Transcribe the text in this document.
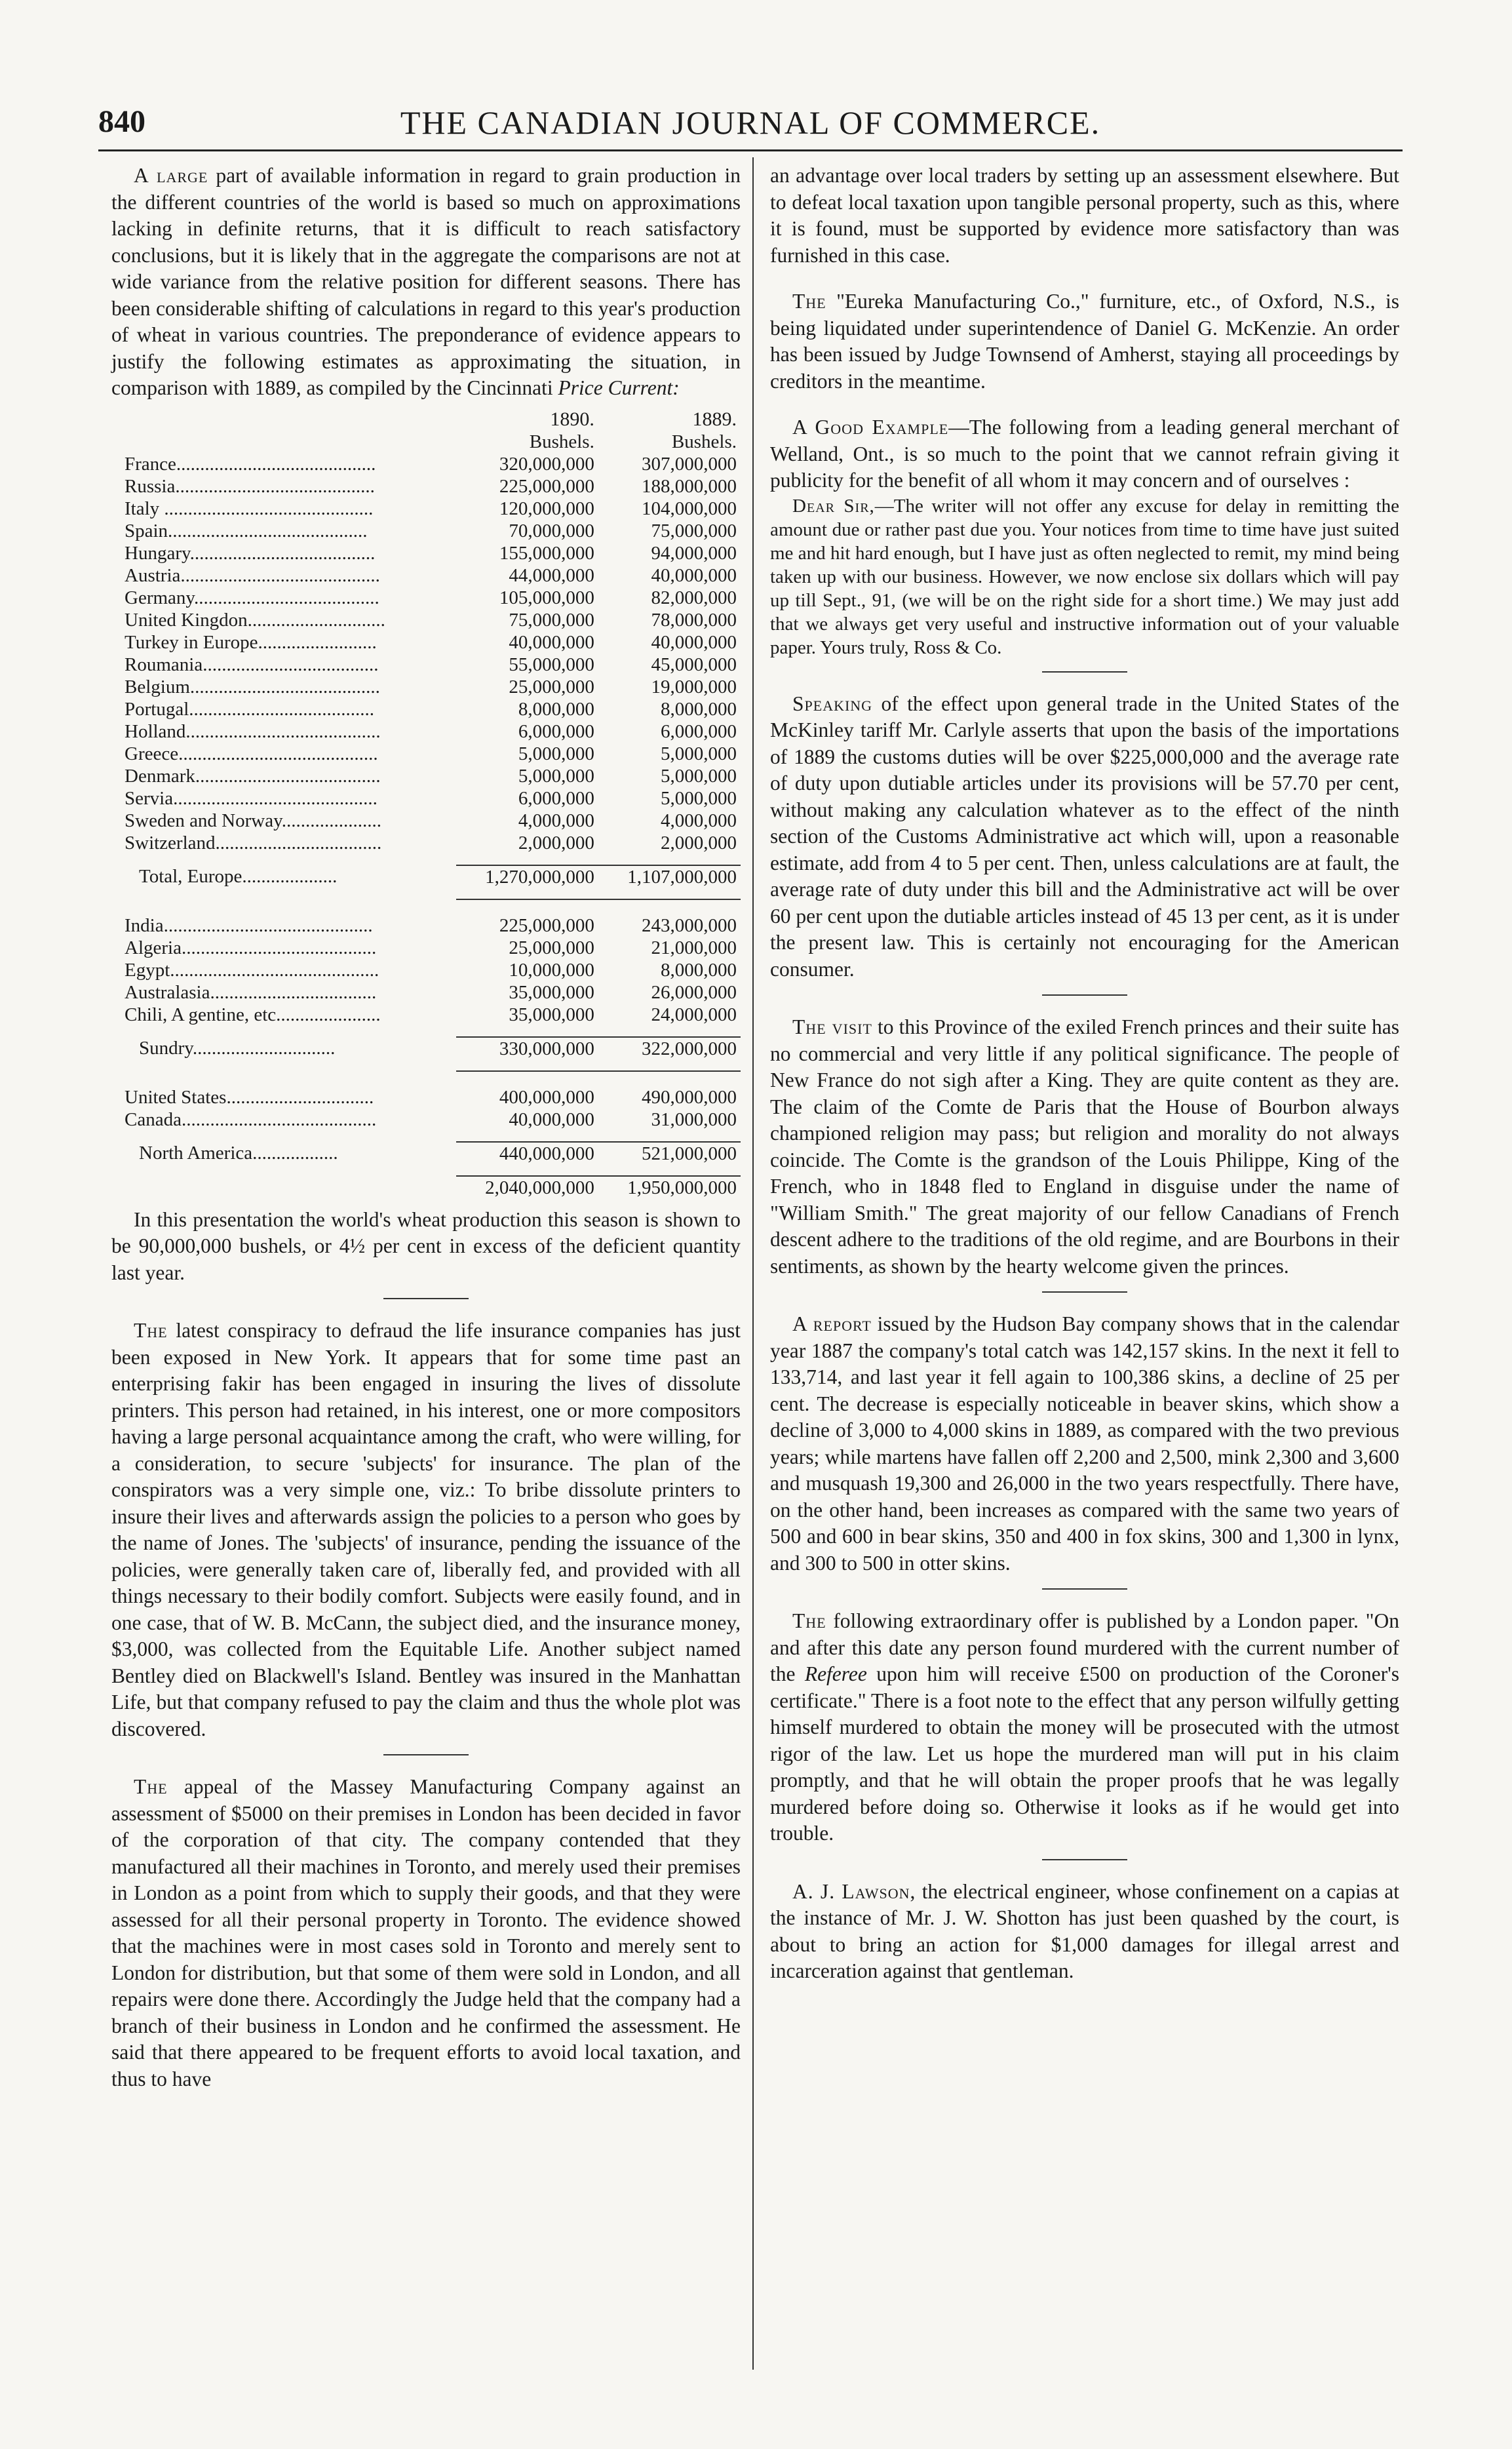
840	THE CANADIAN JOURNAL OF COMMERCE.

A large part of available information in regard to grain production in the different countries of the world is based so much on approximations lacking in definite returns, that it is difficult to reach satisfactory conclusions, but it is likely that in the aggregate the comparisons are not at wide variance from the relative position for different seasons. There has been considerable shifting of calculations in regard to this year's production of wheat in various countries. The preponderance of evidence appears to justify the following estimates as approximating the situation, in comparison with 1889, as compiled by the Cincinnati Price Current:

	1890.	1889.
	Bushels.	Bushels.
France..........................................	320,000,000	307,000,000
Russia..........................................	225,000,000	188,000,000
Italy ............................................	120,000,000	104,000,000
Spain..........................................	70,000,000	75,000,000
Hungary.......................................	155,000,000	94,000,000
Austria..........................................	44,000,000	40,000,000
Germany.......................................	105,000,000	82,000,000
United Kingdon.............................	75,000,000	78,000,000
Turkey in Europe.........................	40,000,000	40,000,000
Roumania.....................................	55,000,000	45,000,000
Belgium........................................	25,000,000	19,000,000
Portugal.......................................	8,000,000	8,000,000
Holland.........................................	6,000,000	6,000,000
Greece..........................................	5,000,000	5,000,000
Denmark.......................................	5,000,000	5,000,000
Servia...........................................	6,000,000	5,000,000
Sweden and Norway.....................	4,000,000	4,000,000
Switzerland...................................	2,000,000	2,000,000

Total, Europe....................	1,270,000,000	1,107,000,000

India............................................	225,000,000	243,000,000
Algeria.........................................	25,000,000	21,000,000
Egypt............................................	10,000,000	8,000,000
Australasia...................................	35,000,000	26,000,000
Chili, A gentine, etc......................	35,000,000	24,000,000

Sundry..............................	330,000,000	322,000,000

United States...............................	400,000,000	490,000,000
Canada.........................................	40,000,000	31,000,000

North America..................	440,000,000	521,000,000

	2,040,000,000	1,950,000,000

In this presentation the world's wheat production this season is shown to be 90,000,000 bushels, or 4½ per cent in excess of the deficient quantity last year.

The latest conspiracy to defraud the life insurance companies has just been exposed in New York. It appears that for some time past an enterprising fakir has been engaged in insuring the lives of dissolute printers. This person had retained, in his interest, one or more compositors having a large personal acquaintance among the craft, who were willing, for a consideration, to secure 'subjects' for insurance. The plan of the conspirators was a very simple one, viz.: To bribe dissolute printers to insure their lives and afterwards assign the policies to a person who goes by the name of Jones. The 'subjects' of insurance, pending the issuance of the policies, were generally taken care of, liberally fed, and provided with all things necessary to their bodily comfort. Subjects were easily found, and in one case, that of W. B. McCann, the subject died, and the insurance money, $3,000, was collected from the Equitable Life. Another subject named Bentley died on Blackwell's Island. Bentley was insured in the Manhattan Life, but that company refused to pay the claim and thus the whole plot was discovered.

The appeal of the Massey Manufacturing Company against an assessment of $5000 on their premises in London has been decided in favor of the corporation of that city. The company contended that they manufactured all their machines in Toronto, and merely used their premises in London as a point from which to supply their goods, and that they were assessed for all their personal property in Toronto. The evidence showed that the machines were in most cases sold in Toronto and merely sent to London for distribution, but that some of them were sold in London, and all repairs were done there. Accordingly the Judge held that the company had a branch of their business in London and he confirmed the assessment. He said that there appeared to be frequent efforts to avoid local taxation, and thus to have

an advantage over local traders by setting up an assessment elsewhere. But to defeat local taxation upon tangible personal property, such as this, where it is found, must be supported by evidence more satisfactory than was furnished in this case.

The "Eureka Manufacturing Co.," furniture, etc., of Oxford, N.S., is being liquidated under superintendence of Daniel G. McKenzie. An order has been issued by Judge Townsend of Amherst, staying all proceedings by creditors in the meantime.

A Good Example—The following from a leading general merchant of Welland, Ont., is so much to the point that we cannot refrain giving it publicity for the benefit of all whom it may concern and of ourselves :

Dear Sir,—The writer will not offer any excuse for delay in remitting the amount due or rather past due you. Your notices from time to time have just suited me and hit hard enough, but I have just as often neglected to remit, my mind being taken up with our business. However, we now enclose six dollars which will pay up till Sept., 91, (we will be on the right side for a short time.) We may just add that we always get very useful and instructive information out of your valuable paper. Yours truly, Ross & Co.

Speaking of the effect upon general trade in the United States of the McKinley tariff Mr. Carlyle asserts that upon the basis of the importations of 1889 the customs duties will be over $225,000,000 and the average rate of duty upon dutiable articles under its provisions will be 57.70 per cent, without making any calculation whatever as to the effect of the ninth section of the Customs Administrative act which will, upon a reasonable estimate, add from 4 to 5 per cent. Then, unless calculations are at fault, the average rate of duty under this bill and the Administrative act will be over 60 per cent upon the dutiable articles instead of 45 13 per cent, as it is under the present law. This is certainly not encouraging for the American consumer.

The visit to this Province of the exiled French princes and their suite has no commercial and very little if any political significance. The people of New France do not sigh after a King. They are quite content as they are. The claim of the Comte de Paris that the House of Bourbon always championed religion may pass; but religion and morality do not always coincide. The Comte is the grandson of the Louis Philippe, King of the French, who in 1848 fled to England in disguise under the name of "William Smith." The great majority of our fellow Canadians of French descent adhere to the traditions of the old regime, and are Bourbons in their sentiments, as shown by the hearty welcome given the princes.

A report issued by the Hudson Bay company shows that in the calendar year 1887 the company's total catch was 142,157 skins. In the next it fell to 133,714, and last year it fell again to 100,386 skins, a decline of 25 per cent. The decrease is especially noticeable in beaver skins, which show a decline of 3,000 to 4,000 skins in 1889, as compared with the two previous years; while martens have fallen off 2,200 and 2,500, mink 2,300 and 3,600 and musquash 19,300 and 26,000 in the two years respectfully. There have, on the other hand, been increases as compared with the same two years of 500 and 600 in bear skins, 350 and 400 in fox skins, 300 and 1,300 in lynx, and 300 to 500 in otter skins.

The following extraordinary offer is published by a London paper. "On and after this date any person found murdered with the current number of the Referee upon him will receive £500 on production of the Coroner's certificate." There is a foot note to the effect that any person wilfully getting himself murdered to obtain the money will be prosecuted with the utmost rigor of the law. Let us hope the murdered man will put in his claim promptly, and that he will obtain the proper proofs that he was legally murdered before doing so. Otherwise it looks as if he would get into trouble.

A. J. Lawson, the electrical engineer, whose confinement on a capias at the instance of Mr. J. W. Shotton has just been quashed by the court, is about to bring an action for $1,000 damages for illegal arrest and incarceration against that gentleman.
